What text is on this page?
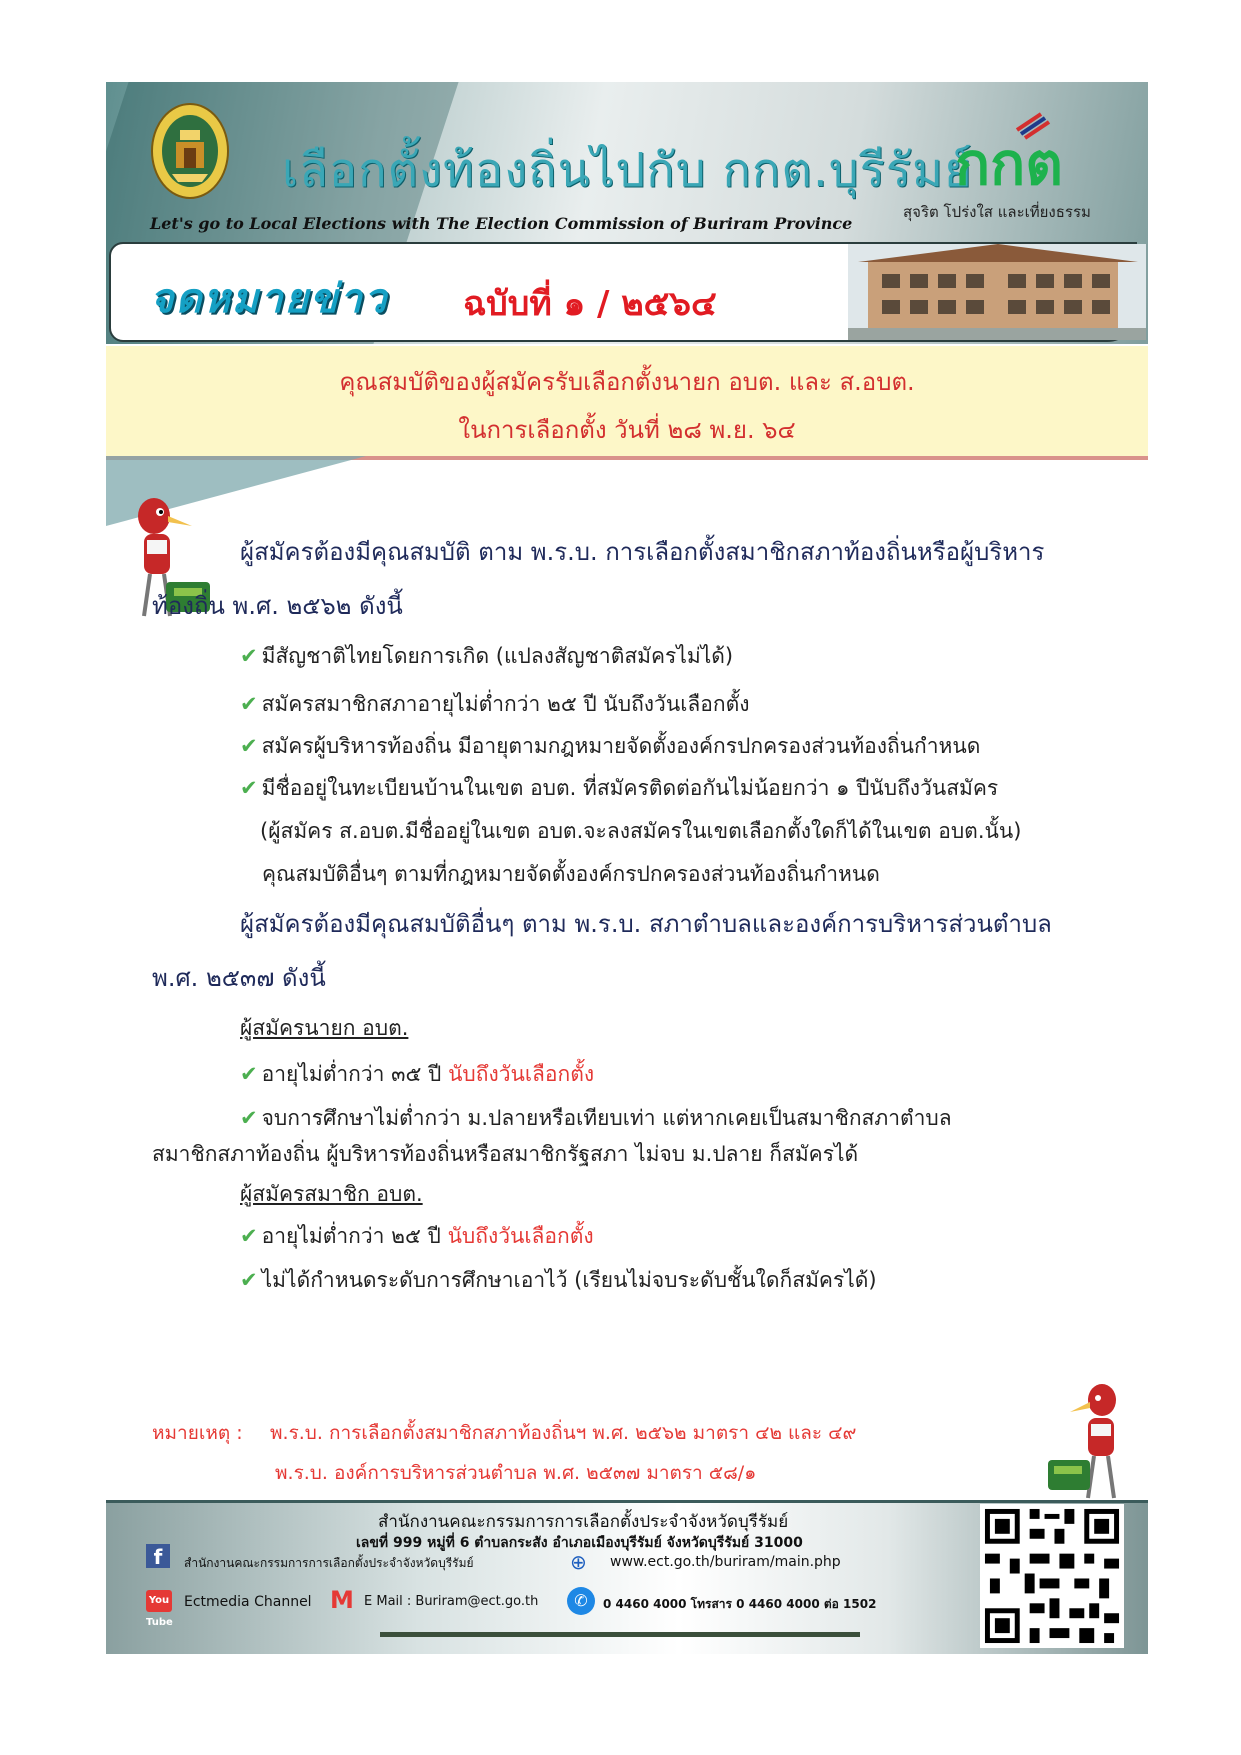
เลือกตั้งท้องถิ่นไปกับ กกต.บุรีรัมย์
Let's go to Local Elections with The Election Commission of Buriram Province
กกต
สุจริต โปร่งใส และเที่ยงธรรม
จดหมายข่าว ฉบับที่ ๑ / ๒๕๖๔
คุณสมบัติของผู้สมัครรับเลือกตั้งนายก อบต. และ ส.อบต.
ในการเลือกตั้ง วันที่ ๒๘ พ.ย. ๖๔
ผู้สมัครต้องมีคุณสมบัติ ตาม พ.ร.บ. การเลือกตั้งสมาชิกสภาท้องถิ่นหรือผู้บริหาร
ท้องถิ่น พ.ศ. ๒๕๖๒ ดังนี้
✔ มีสัญชาติไทยโดยการเกิด (แปลงสัญชาติสมัครไม่ได้)
✔ สมัครสมาชิกสภาอายุไม่ต่ำกว่า ๒๕ ปี นับถึงวันเลือกตั้ง
✔ สมัครผู้บริหารท้องถิ่น มีอายุตามกฎหมายจัดตั้งองค์กรปกครองส่วนท้องถิ่นกำหนด
✔ มีชื่ออยู่ในทะเบียนบ้านในเขต อบต. ที่สมัครติดต่อกันไม่น้อยกว่า ๑ ปีนับถึงวันสมัคร
(ผู้สมัคร ส.อบต.มีชื่ออยู่ในเขต อบต.จะลงสมัครในเขตเลือกตั้งใดก็ได้ในเขต อบต.นั้น)
คุณสมบัติอื่นๆ ตามที่กฎหมายจัดตั้งองค์กรปกครองส่วนท้องถิ่นกำหนด
ผู้สมัครต้องมีคุณสมบัติอื่นๆ ตาม พ.ร.บ. สภาตำบลและองค์การบริหารส่วนตำบล
พ.ศ. ๒๕๓๗ ดังนี้
ผู้สมัครนายก อบต.
✔ อายุไม่ต่ำกว่า ๓๕ ปี นับถึงวันเลือกตั้ง
✔ จบการศึกษาไม่ต่ำกว่า ม.ปลายหรือเทียบเท่า แต่หากเคยเป็นสมาชิกสภาตำบล
สมาชิกสภาท้องถิ่น ผู้บริหารท้องถิ่นหรือสมาชิกรัฐสภา ไม่จบ ม.ปลาย ก็สมัครได้
ผู้สมัครสมาชิก อบต.
✔ อายุไม่ต่ำกว่า ๒๕ ปี นับถึงวันเลือกตั้ง
✔ ไม่ได้กำหนดระดับการศึกษาเอาไว้ (เรียนไม่จบระดับชั้นใดก็สมัครได้)
หมายเหตุ : พ.ร.บ. การเลือกตั้งสมาชิกสภาท้องถิ่นฯ พ.ศ. ๒๕๖๒ มาตรา ๔๒ และ ๔๙
พ.ร.บ. องค์การบริหารส่วนตำบล พ.ศ. ๒๕๓๗ มาตรา ๕๘/๑
สำนักงานคณะกรรมการการเลือกตั้งประจำจังหวัดบุรีรัมย์
เลขที่ 999 หมู่ที่ 6 ตำบลกระสัง อำเภอเมืองบุรีรัมย์ จังหวัดบุรีรัมย์ 31000
f	สำนักงานคณะกรรมการการเลือกตั้งประจำจังหวัดบุรีรัมย์	⊕ www.ect.go.th/buriram/main.php
You Tube
Ectmedia Channel M E Mail : Buriram@ect.go.th	✆	0 4460 4000 โทรสาร 0 4460 4000 ต่อ 1502
